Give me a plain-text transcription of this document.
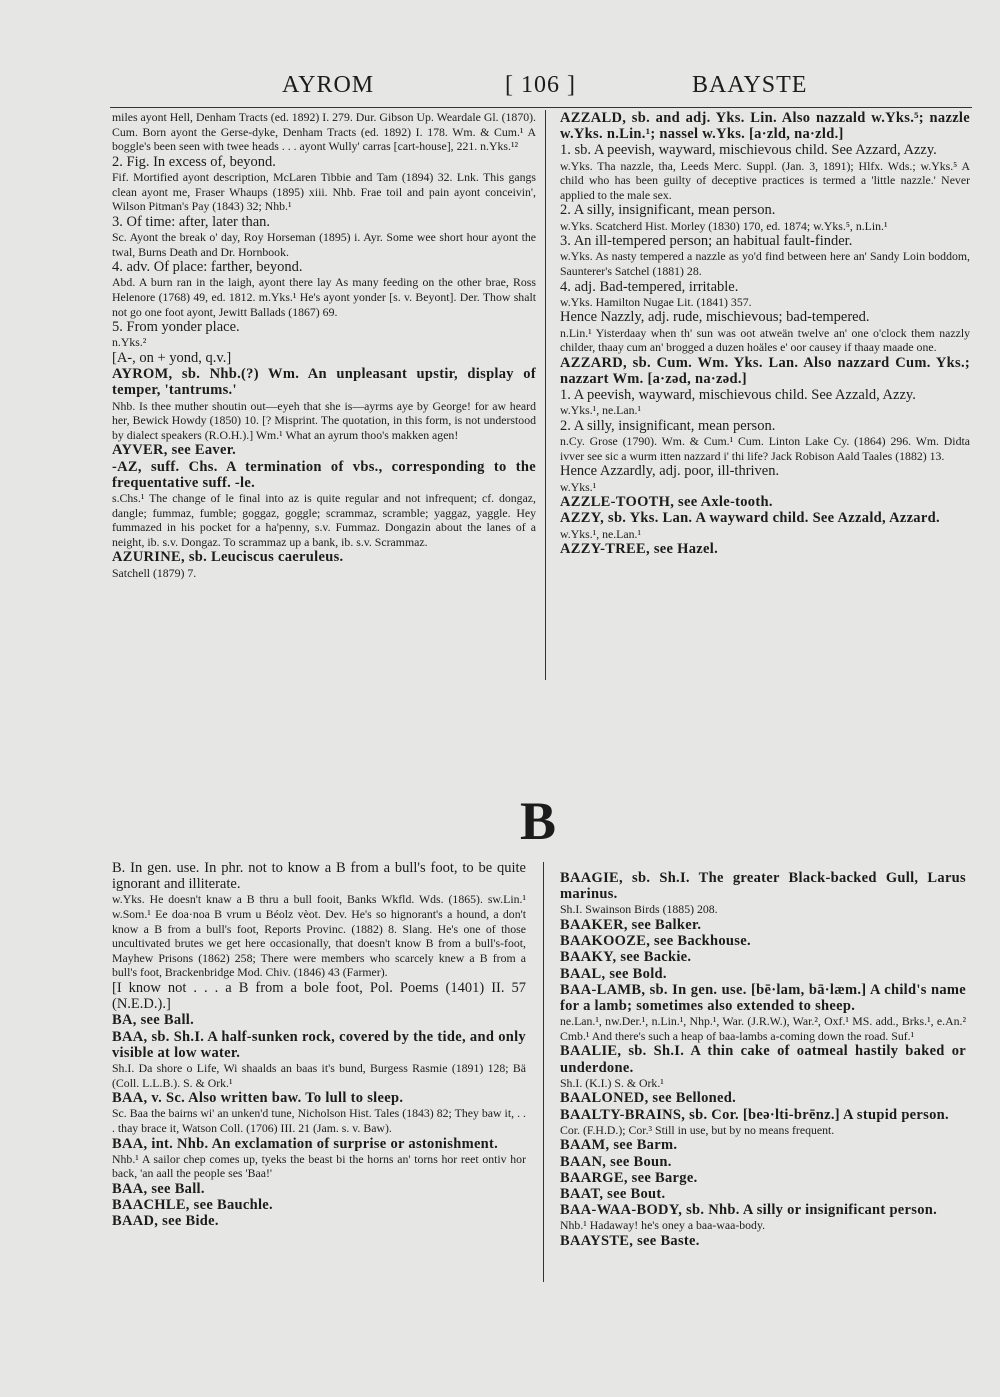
AYROM	[ 106 ]	BAAYSTE

miles ayont Hell, Denham Tracts (ed. 1892) I. 279. Dur. Gibson Up. Weardale Gl. (1870). Cum. Born ayont the Gerse-dyke, Denham Tracts (ed. 1892) I. 178. Wm. & Cum.¹ A boggle's been seen with twee heads . . . ayont Wully' carras [cart-house], 221. n.Yks.¹²

2. Fig. In excess of, beyond.

Fif. Mortified ayont description, McLaren Tibbie and Tam (1894) 32. Lnk. This gangs clean ayont me, Fraser Whaups (1895) xiii. Nhb. Frae toil and pain ayont conceivin', Wilson Pitman's Pay (1843) 32; Nhb.¹

3. Of time: after, later than.

Sc. Ayont the break o' day, Roy Horseman (1895) i. Ayr. Some wee short hour ayont the twal, Burns Death and Dr. Hornbook.

4. adv. Of place: farther, beyond.

Abd. A burn ran in the laigh, ayont there lay As many feeding on the other brae, Ross Helenore (1768) 49, ed. 1812. m.Yks.¹ He's ayont yonder [s. v. Beyont]. Der. Thow shalt not go one foot ayont, Jewitt Ballads (1867) 69.

5. From yonder place.

n.Yks.²

[A-, on + yond, q.v.]

AYROM, sb. Nhb.(?) Wm. An unpleasant upstir, display of temper, 'tantrums.'

Nhb. Is thee muther shoutin out—eyeh that she is—ayrms aye by George! for aw heard her, Bewick Howdy (1850) 10. [? Misprint. The quotation, in this form, is not understood by dialect speakers (R.O.H.).] Wm.¹ What an ayrum thoo's makken agen!

AYVER, see Eaver.

-AZ, suff. Chs. A termination of vbs., corresponding to the frequentative suff. -le.

s.Chs.¹ The change of le final into az is quite regular and not infrequent; cf. dongaz, dangle; fummaz, fumble; goggaz, goggle; scrammaz, scramble; yaggaz, yaggle. Hey fummazed in his pocket for a ha'penny, s.v. Fummaz. Dongazin about the lanes of a neight, ib. s.v. Dongaz. To scrammaz up a bank, ib. s.v. Scrammaz.

AZURINE, sb. Leuciscus caeruleus.

Satchell (1879) 7.

AZZALD, sb. and adj. Yks. Lin. Also nazzald w.Yks.⁵; nazzle w.Yks. n.Lin.¹; nassel w.Yks. [a·zld, na·zld.]

1. sb. A peevish, wayward, mischievous child. See Azzard, Azzy.

w.Yks. Tha nazzle, tha, Leeds Merc. Suppl. (Jan. 3, 1891); Hlfx. Wds.; w.Yks.⁵ A child who has been guilty of deceptive practices is termed a 'little nazzle.' Never applied to the male sex.

2. A silly, insignificant, mean person.

w.Yks. Scatcherd Hist. Morley (1830) 170, ed. 1874; w.Yks.⁵, n.Lin.¹

3. An ill-tempered person; an habitual fault-finder.

w.Yks. As nasty tempered a nazzle as yo'd find between here an' Sandy Loin boddom, Saunterer's Satchel (1881) 28.

4. adj. Bad-tempered, irritable.

w.Yks. Hamilton Nugae Lit. (1841) 357.

Hence Nazzly, adj. rude, mischievous; bad-tempered.

n.Lin.¹ Yisterdaay when th' sun was oot atweän twelve an' one o'clock them nazzly childer, thaay cum an' brogged a duzen hoäles e' oor causey if thaay maade one.

AZZARD, sb. Cum. Wm. Yks. Lan. Also nazzard Cum. Yks.; nazzart Wm. [a·zəd, na·zəd.]

1. A peevish, wayward, mischievous child. See Azzald, Azzy.

w.Yks.¹, ne.Lan.¹

2. A silly, insignificant, mean person.

n.Cy. Grose (1790). Wm. & Cum.¹ Cum. Linton Lake Cy. (1864) 296. Wm. Didta ivver see sic a wurm itten nazzard i' thi life? Jack Robison Aald Taales (1882) 13.

Hence Azzardly, adj. poor, ill-thriven.

w.Yks.¹

AZZLE-TOOTH, see Axle-tooth.

AZZY, sb. Yks. Lan. A wayward child. See Azzald, Azzard.

w.Yks.¹, ne.Lan.¹

AZZY-TREE, see Hazel.

B

B. In gen. use. In phr. not to know a B from a bull's foot, to be quite ignorant and illiterate.

w.Yks. He doesn't knaw a B thru a bull fooit, Banks Wkfld. Wds. (1865). sw.Lin.¹ w.Som.¹ Ee doa·noa B vrum u Béolz vèot. Dev. He's so hignorant's a hound, a don't know a B from a bull's foot, Reports Provinc. (1882) 8. Slang. He's one of those uncultivated brutes we get here occasionally, that doesn't know B from a bull's-foot, Mayhew Prisons (1862) 258; There were members who scarcely knew a B from a bull's foot, Brackenbridge Mod. Chiv. (1846) 43 (Farmer).

[I know not . . . a B from a bole foot, Pol. Poems (1401) II. 57 (N.E.D.).]

BA, see Ball.

BAA, sb. Sh.I. A half-sunken rock, covered by the tide, and only visible at low water.

Sh.I. Da shore o Life, Wi shaalds an baas it's bund, Burgess Rasmie (1891) 128; Bä (Coll. L.L.B.). S. & Ork.¹

BAA, v. Sc. Also written baw. To lull to sleep.

Sc. Baa the bairns wi' an unken'd tune, Nicholson Hist. Tales (1843) 82; They baw it, . . . thay brace it, Watson Coll. (1706) III. 21 (Jam. s. v. Baw).

BAA, int. Nhb. An exclamation of surprise or astonishment.

Nhb.¹ A sailor chep comes up, tyeks the beast bi the horns an' torns hor reet ontiv hor back, 'an aall the people ses 'Baa!'

BAA, see Ball.

BAACHLE, see Bauchle.

BAAD, see Bide.

BAAGIE, sb. Sh.I. The greater Black-backed Gull, Larus marinus.

Sh.I. Swainson Birds (1885) 208.

BAAKER, see Balker.

BAAKOOZE, see Backhouse.

BAAKY, see Backie.

BAAL, see Bold.

BAA-LAMB, sb. In gen. use. [bē·lam, bā·læm.] A child's name for a lamb; sometimes also extended to sheep.

ne.Lan.¹, nw.Der.¹, n.Lin.¹, Nhp.¹, War. (J.R.W.), War.², Oxf.¹ MS. add., Brks.¹, e.An.² Cmb.¹ And there's such a heap of baa-lambs a-coming down the road. Suf.¹

BAALIE, sb. Sh.I. A thin cake of oatmeal hastily baked or underdone.

Sh.I. (K.I.) S. & Ork.¹

BAALONED, see Belloned.

BAALTY-BRAINS, sb. Cor. [beə·lti-brēnz.] A stupid person.

Cor. (F.H.D.); Cor.³ Still in use, but by no means frequent.

BAAM, see Barm.

BAAN, see Boun.

BAARGE, see Barge.

BAAT, see Bout.

BAA-WAA-BODY, sb. Nhb. A silly or insignificant person.

Nhb.¹ Hadaway! he's oney a baa-waa-body.

BAAYSTE, see Baste.
